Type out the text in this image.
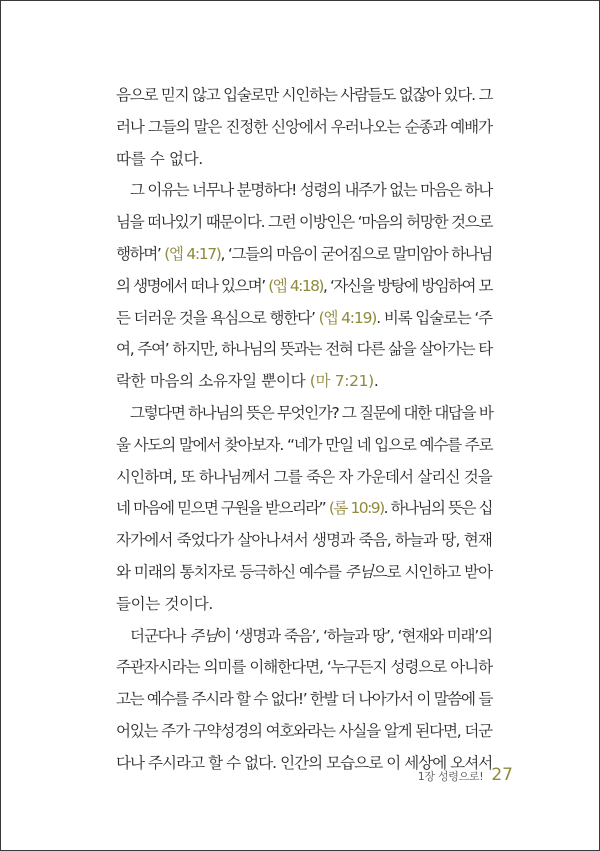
음으로 믿지 않고 입술로만 시인하는 사람들도 없잖아 있다. 그
러나 그들의 말은 진정한 신앙에서 우러나오는 순종과 예배가
따를 수 없다.
그 이유는 너무나 분명하다! 성령의 내주가 없는 마음은 하나
님을 떠나있기 때문이다. 그런 이방인은 ‘마음의 허망한 것으로
행하며’ (엡 4:17), ‘그들의 마음이 굳어짐으로 말미암아 하나님
의 생명에서 떠나 있으며’ (엡 4:18), ‘자신을 방탕에 방임하여 모
든 더러운 것을 욕심으로 행한다’ (엡 4:19). 비록 입술로는 ‘주
여, 주여’ 하지만, 하나님의 뜻과는 전혀 다른 삶을 살아가는 타
락한 마음의 소유자일 뿐이다 (마 7:21).
그렇다면 하나님의 뜻은 무엇인가? 그 질문에 대한 대답을 바
울 사도의 말에서 찾아보자. “네가 만일 네 입으로 예수를 주로
시인하며, 또 하나님께서 그를 죽은 자 가운데서 살리신 것을
네 마음에 믿으면 구원을 받으리라” (롬 10:9). 하나님의 뜻은 십
자가에서 죽었다가 살아나셔서 생명과 죽음, 하늘과 땅, 현재
와 미래의 통치자로 등극하신 예수를 주님으로 시인하고 받아
들이는 것이다.
더군다나 주님이 ‘생명과 죽음’, ‘하늘과 땅’, ‘현재와 미래’의
주관자시라는 의미를 이해한다면, ‘누구든지 성령으로 아니하
고는 예수를 주시라 할 수 없다!’ 한발 더 나아가서 이 말씀에 들
어있는 주가 구약성경의 여호와라는 사실을 알게 된다면, 더군
다나 주시라고 할 수 없다. 인간의 모습으로 이 세상에 오셔서
1장 성령으로! 27
